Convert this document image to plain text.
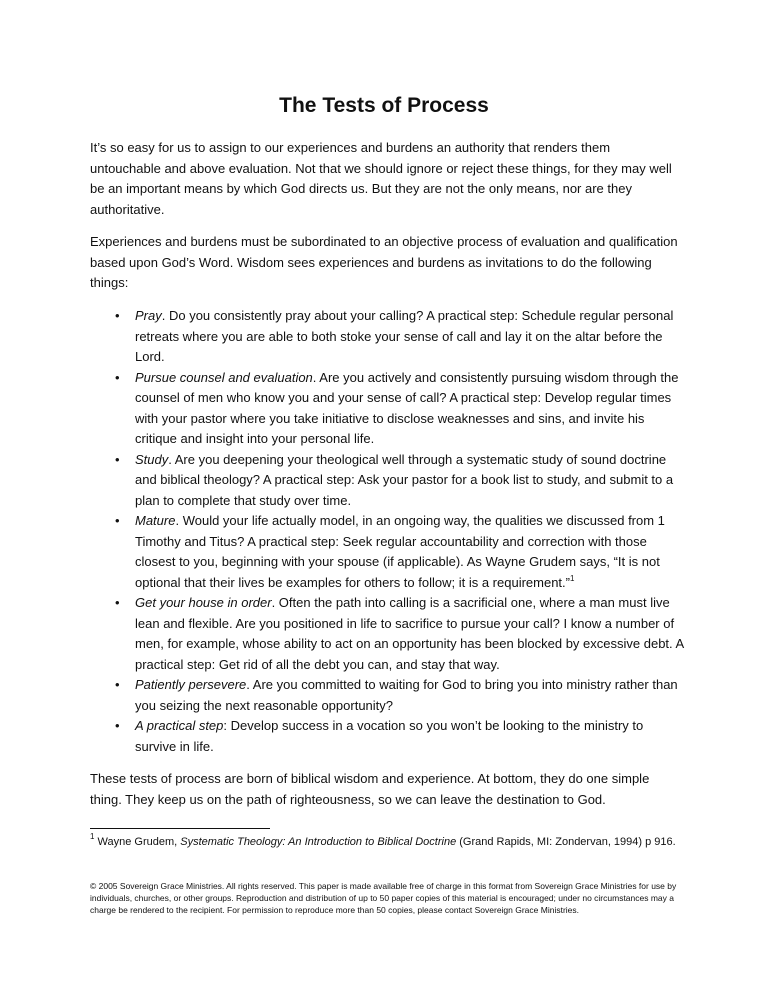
The Tests of Process

It’s so easy for us to assign to our experiences and burdens an authority that renders them untouchable and above evaluation. Not that we should ignore or reject these things, for they may well be an important means by which God directs us. But they are not the only means, nor are they authoritative.

Experiences and burdens must be subordinated to an objective process of evaluation and qualification based upon God’s Word. Wisdom sees experiences and burdens as invitations to do the following things:

• Pray. Do you consistently pray about your calling? A practical step: Schedule regular personal retreats where you are able to both stoke your sense of call and lay it on the altar before the Lord.
• Pursue counsel and evaluation. Are you actively and consistently pursuing wisdom through the counsel of men who know you and your sense of call? A practical step: Develop regular times with your pastor where you take initiative to disclose weaknesses and sins, and invite his critique and insight into your personal life.
• Study. Are you deepening your theological well through a systematic study of sound doctrine and biblical theology? A practical step: Ask your pastor for a book list to study, and submit to a plan to complete that study over time.
• Mature. Would your life actually model, in an ongoing way, the qualities we discussed from 1 Timothy and Titus? A practical step: Seek regular accountability and correction with those closest to you, beginning with your spouse (if applicable). As Wayne Grudem says, “It is not optional that their lives be examples for others to follow; it is a requirement.”$^1$
• Get your house in order. Often the path into calling is a sacrificial one, where a man must live lean and flexible. Are you positioned in life to sacrifice to pursue your call? I know a number of men, for example, whose ability to act on an opportunity has been blocked by excessive debt. A practical step: Get rid of all the debt you can, and stay that way.
• Patiently persevere. Are you committed to waiting for God to bring you into ministry rather than you seizing the next reasonable opportunity?
• A practical step: Develop success in a vocation so you won’t be looking to the ministry to survive in life.

These tests of process are born of biblical wisdom and experience. At bottom, they do one simple thing. They keep us on the path of righteousness, so we can leave the destination to God.

$^1$ Wayne Grudem, Systematic Theology: An Introduction to Biblical Doctrine (Grand Rapids, MI: Zondervan, 1994) p 916.

© 2005 Sovereign Grace Ministries. All rights reserved. This paper is made available free of charge in this format from Sovereign Grace Ministries for use by individuals, churches, or other groups. Reproduction and distribution of up to 50 paper copies of this material is encouraged; under no circumstances may a charge be rendered to the recipient. For permission to reproduce more than 50 copies, please contact Sovereign Grace Ministries.
